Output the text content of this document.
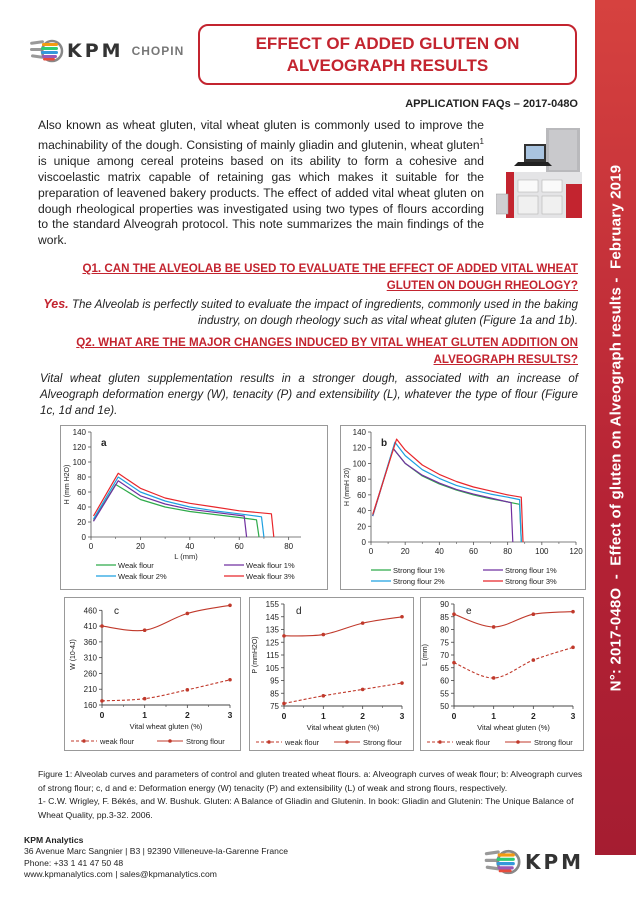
N°: 2017-048O - Effect of gluten on Alveograph results - February 2019
KPM CHOPIN	EFFECT OF ADDED GLUTEN ON
ALVEOGRAPH RESULTS
APPLICATION FAQs – 2017-048O

Also known as wheat gluten, vital wheat gluten is commonly used to improve the machinability of the dough. Consisting of mainly gliadin and glutenin, wheat gluten$^1$ is unique among cereal proteins based on its ability to form a cohesive and viscoelastic matrix capable of retaining gas which makes it suitable for the preparation of leavened bakery products. The effect of added vital wheat gluten on dough rheological properties was investigated using two types of flours according to the standard Alveograh protocol. This note summarizes the main findings of the work.

Q1. CAN THE ALVEOLAB BE USED TO EVALUATE THE EFFECT OF ADDED VITAL WHEAT GLUTEN ON DOUGH RHEOLOGY?
Yes. The Alveolab is perfectly suited to evaluate the impact of ingredients, commonly used in the baking industry, on dough rheology such as vital wheat gluten (Figure 1a and 1b).
Q2. WHAT ARE THE MAJOR CHANGES INDUCED BY VITAL WHEAT GLUTEN ADDITION ON ALVEOGRAPH RESULTS?
Vital wheat gluten supplementation results in a stronger dough, associated with an increase of Alveograph deformation energy (W), tenacity (P) and extensibility (L), whatever the type of flour (Figure 1c, 1d and 1e).
0
20
40
60
80
100
120
140
0	20	40	60	80
a
H (mm H2O)
L (mm)
Weak flour	Weak flour 1%
Weak flour 2%	Weak flour 3%
0
20
40
60
80
100
120
140
0	20	40	60	80	100	120
b
H (mmH 20)
Strong flour 1%	Strong flour 1%
Strong flour 2%	Strong flour 3%
160
210
260
310
360
410
460
0	1	2	3
Vital wheat gluten (%)
W (10-4J)
c
weak flour	Strong flour
75
85
95
105
115
125
135
145
155
0	1	2	3
Vital wheat gluten (%)
P (mmH2O)
d
weak flour	Strong flour
50
55
60
65
70
75
80
85
90
0	1	2	3
Vital wheat gluten (%)
L (mm)
e
weak flour	Strong flour

Figure 1: Alveolab curves and parameters of control and gluten treated wheat flours. a: Alveograph curves of weak flour; b: Alveograph curves of strong flour; c, d and e: Deformation energy (W) tenacity (P) and extensibility (L) of weak and strong flours, respectively.

1- C.W. Wrigley, F. Békés, and W. Bushuk. Gluten: A Balance of Gliadin and Glutenin. In book: Gliadin and Glutenin: The Unique Balance of Wheat Quality, pp.3-32. 2006.

KPM Analytics
36 Avenue Marc Sangnier | B3 | 92390 Villeneuve-la-Garenne France
Phone: +33 1 41 47 50 48
www.kpmanalytics.com | sales@kpmanalytics.com
KPM
